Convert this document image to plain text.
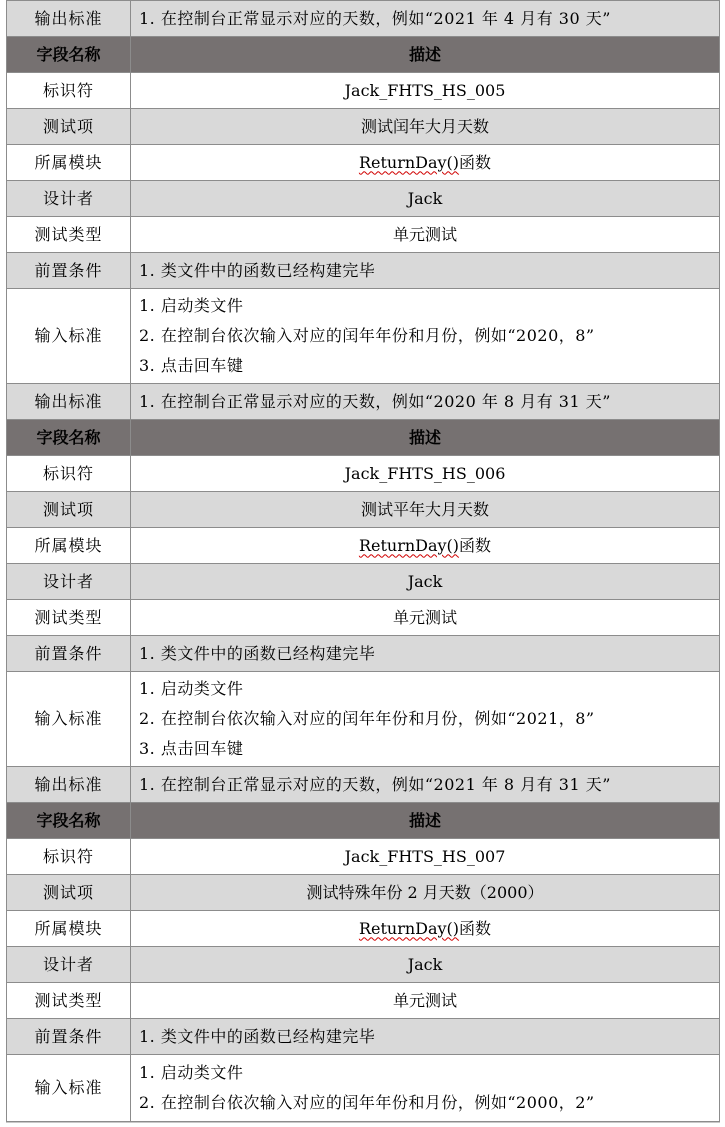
输出标准	1. 在控制台正常显示对应的天数，例如“2021 年 4 月有 30 天”
字段名称	描述
标识符	Jack_FHTS_HS_005
测试项	测试闰年大月天数
所属模块	ReturnDay()函数
设计者	Jack
测试类型	单元测试
前置条件	1. 类文件中的函数已经构建完毕
输入标准	1. 启动类文件
2. 在控制台依次输入对应的闰年年份和月份，例如“2020，8”
3. 点击回车键

输出标准	1. 在控制台正常显示对应的天数，例如“2020 年 8 月有 31 天”
字段名称	描述
标识符	Jack_FHTS_HS_006
测试项	测试平年大月天数
所属模块	ReturnDay()函数
设计者	Jack
测试类型	单元测试
前置条件	1. 类文件中的函数已经构建完毕
输入标准	1. 启动类文件
2. 在控制台依次输入对应的闰年年份和月份，例如“2021，8”
3. 点击回车键

输出标准	1. 在控制台正常显示对应的天数，例如“2021 年 8 月有 31 天”
字段名称	描述
标识符	Jack_FHTS_HS_007
测试项	测试特殊年份 2 月天数（2000）
所属模块	ReturnDay()函数
设计者	Jack
测试类型	单元测试
前置条件	1. 类文件中的函数已经构建完毕
输入标准	1. 启动类文件
2. 在控制台依次输入对应的闰年年份和月份，例如“2000，2”
